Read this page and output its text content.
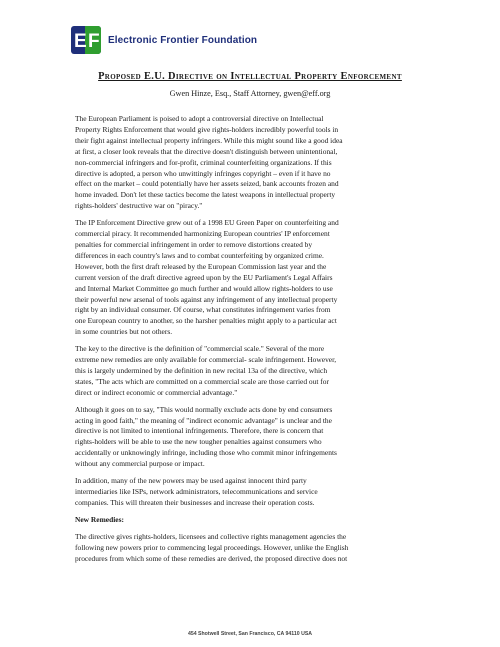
E F Electronic Frontier Foundation
Proposed E.U. Directive on Intellectual Property Enforcement
Gwen Hinze, Esq., Staff Attorney, gwen@eff.org

The European Parliament is poised to adopt a controversial directive on Intellectual
Property Rights Enforcement that would give rights-holders incredibly powerful tools in
their fight against intellectual property infringers. While this might sound like a good idea
at first, a closer look reveals that the directive doesn't distinguish between unintentional,
non-commercial infringers and for-profit, criminal counterfeiting organizations. If this
directive is adopted, a person who unwittingly infringes copyright – even if it have no
effect on the market – could potentially have her assets seized, bank accounts frozen and
home invaded. Don't let these tactics become the latest weapons in intellectual property
rights-holders' destructive war on "piracy."

The IP Enforcement Directive grew out of a 1998 EU Green Paper on counterfeiting and
commercial piracy. It recommended harmonizing European countries' IP enforcement
penalties for commercial infringement in order to remove distortions created by
differences in each country's laws and to combat counterfeiting by organized crime.
However, both the first draft released by the European Commission last year and the
current version of the draft directive agreed upon by the EU Parliament's Legal Affairs
and Internal Market Committee go much further and would allow rights-holders to use
their powerful new arsenal of tools against any infringement of any intellectual property
right by an individual consumer. Of course, what constitutes infringement varies from
one European country to another, so the harsher penalties might apply to a particular act
in some countries but not others.

The key to the directive is the definition of "commercial scale." Several of the more
extreme new remedies are only available for commercial- scale infringement. However,
this is largely undermined by the definition in new recital 13a of the directive, which
states, "The acts which are committed on a commercial scale are those carried out for
direct or indirect economic or commercial advantage."

Although it goes on to say, "This would normally exclude acts done by end consumers
acting in good faith," the meaning of "indirect economic advantage" is unclear and the
directive is not limited to intentional infringements. Therefore, there is concern that
rights-holders will be able to use the new tougher penalties against consumers who
accidentally or unknowingly infringe, including those who commit minor infringements
without any commercial purpose or impact.

In addition, many of the new powers may be used against innocent third party
intermediaries like ISPs, network administrators, telecommunications and service
companies. This will threaten their businesses and increase their operation costs.

New Remedies:

The directive gives rights-holders, licensees and collective rights management agencies the
following new powers prior to commencing legal proceedings. However, unlike the English
procedures from which some of these remedies are derived, the proposed directive does not

454 Shotwell Street, San Francisco, CA 94110 USA
